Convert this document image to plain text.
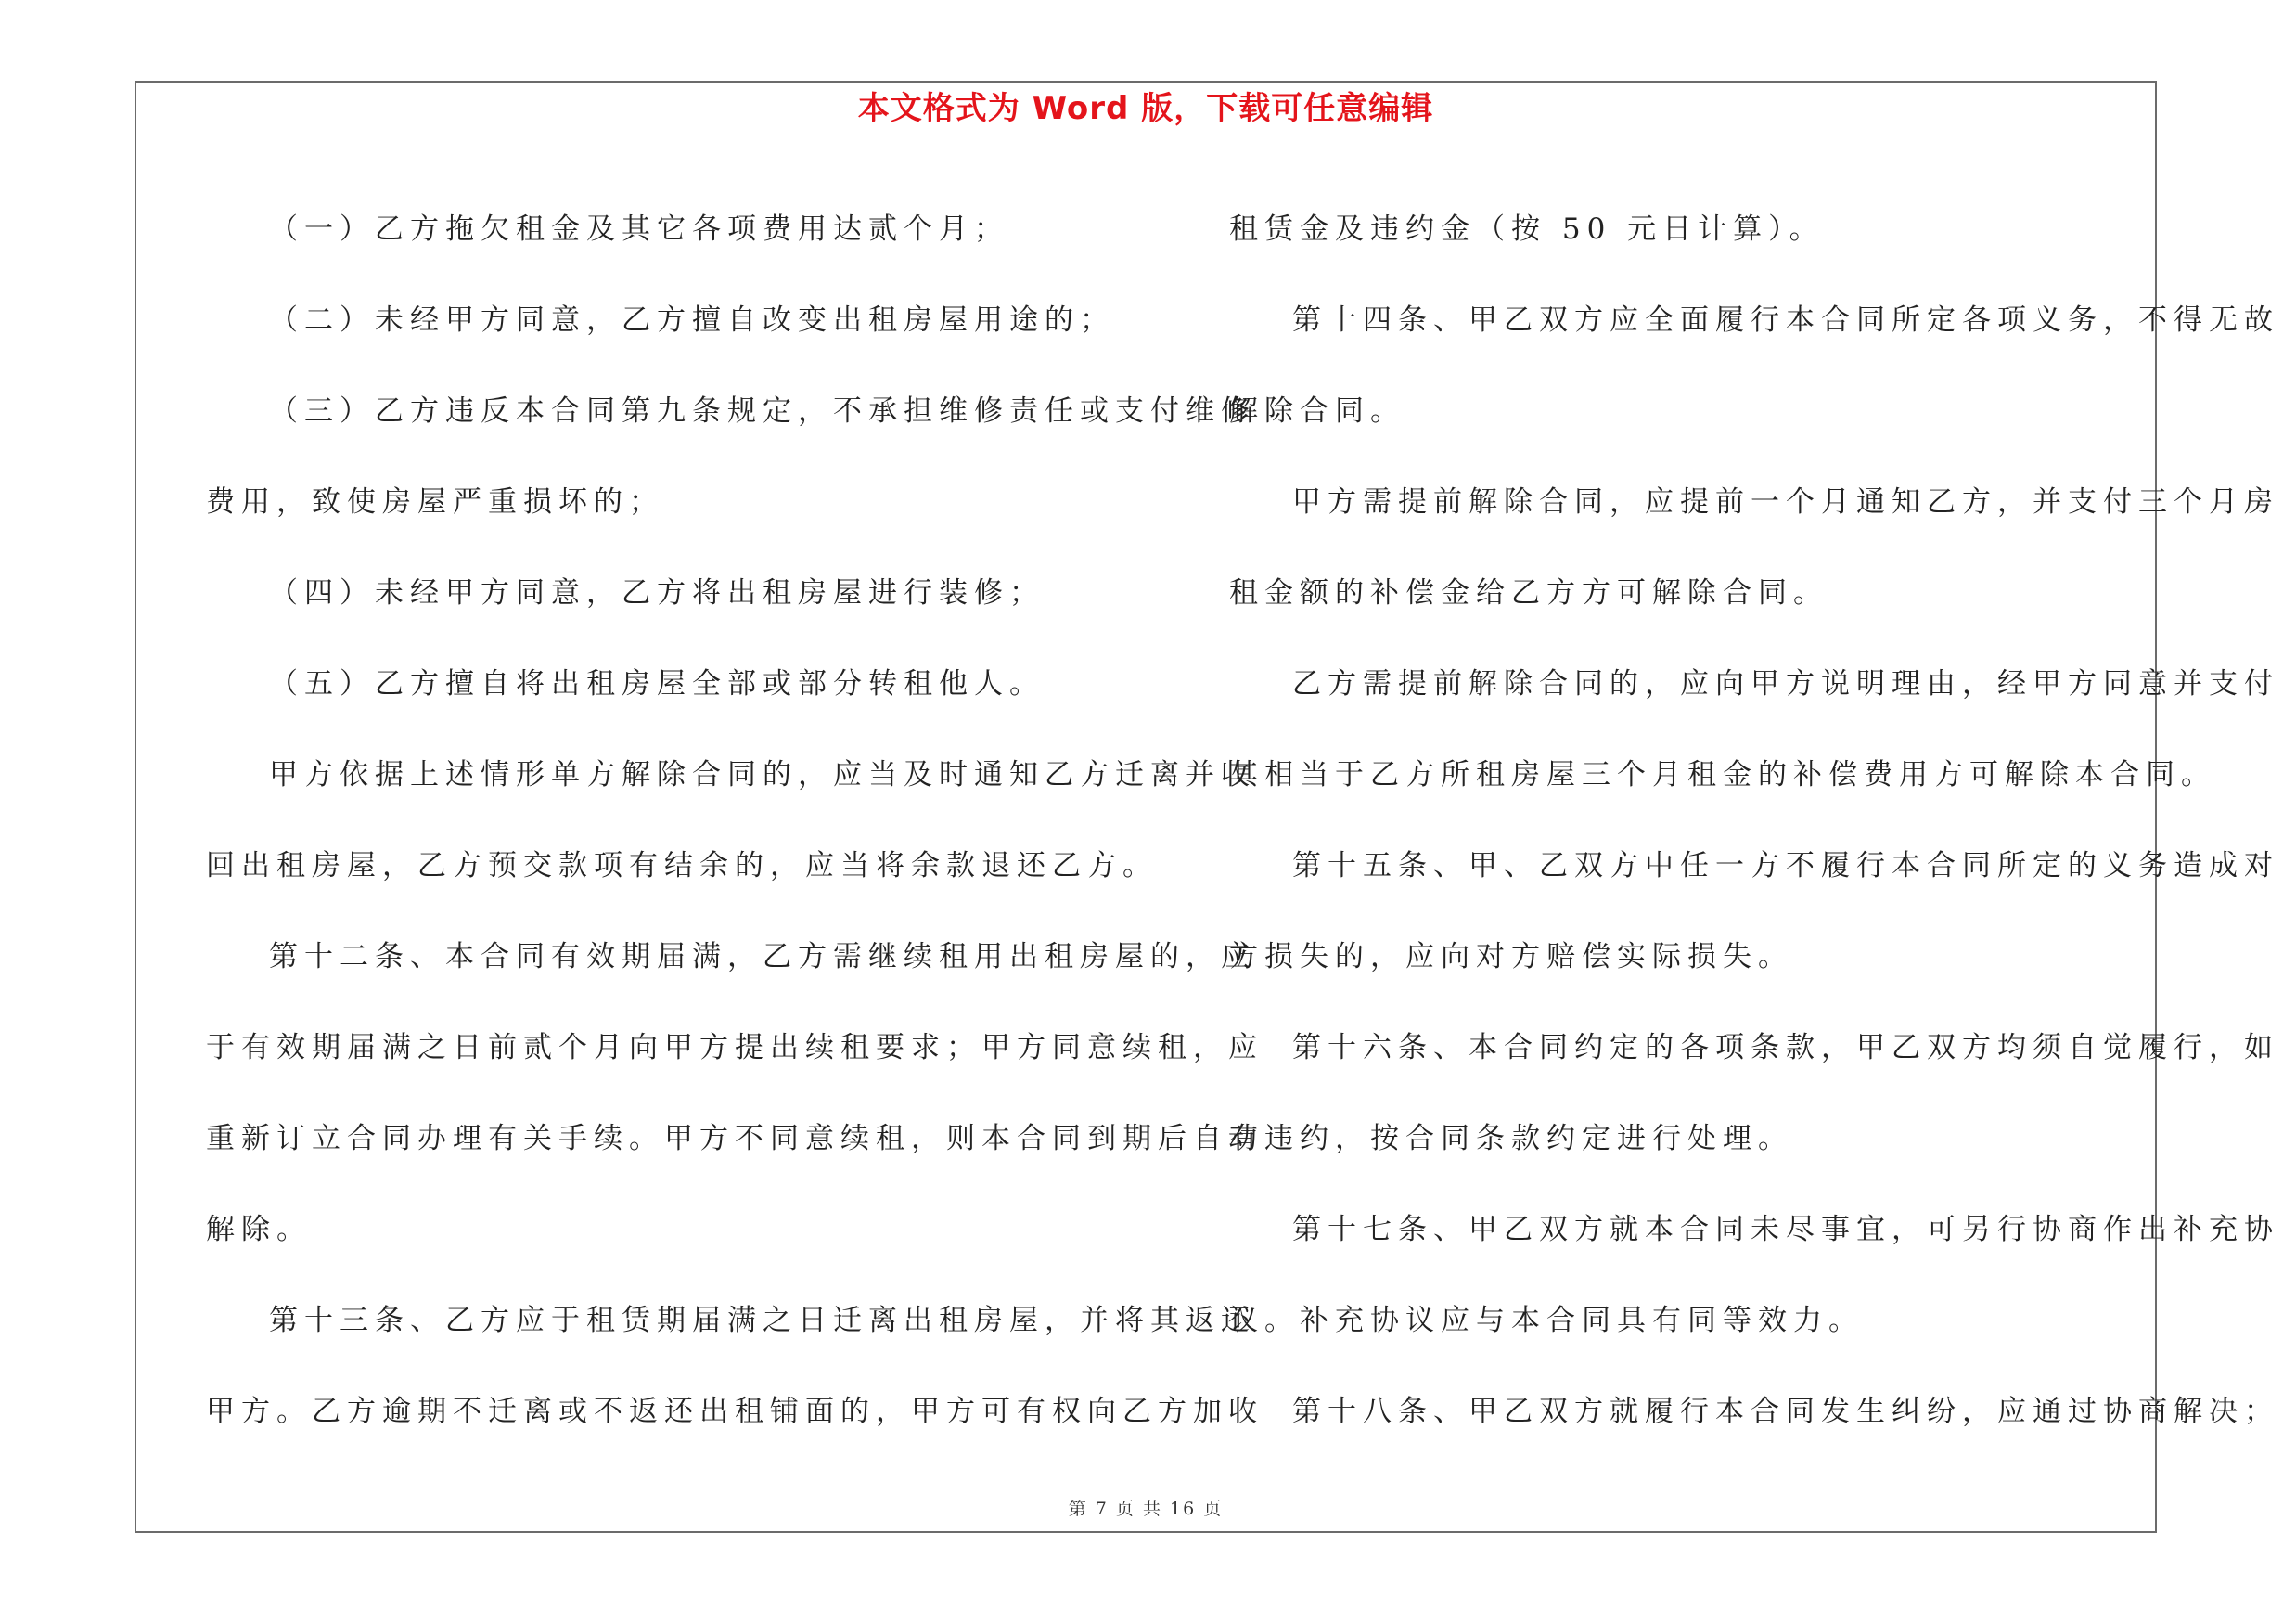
本文格式为 Word 版，下载可任意编辑
（一）乙方拖欠租金及其它各项费用达贰个月；
（二）未经甲方同意，乙方擅自改变出租房屋用途的；
（三）乙方违反本合同第九条规定，不承担维修责任或支付维修
费用，致使房屋严重损坏的；
（四）未经甲方同意，乙方将出租房屋进行装修；
（五）乙方擅自将出租房屋全部或部分转租他人。
甲方依据上述情形单方解除合同的，应当及时通知乙方迁离并收
回出租房屋，乙方预交款项有结余的，应当将余款退还乙方。
第十二条、本合同有效期届满，乙方需继续租用出租房屋的，应
于有效期届满之日前贰个月向甲方提出续租要求；甲方同意续租，应
重新订立合同办理有关手续。甲方不同意续租，则本合同到期后自动
解除。
第十三条、乙方应于租赁期届满之日迁离出租房屋，并将其返还
甲方。乙方逾期不迁离或不返还出租铺面的，甲方可有权向乙方加收
租赁金及违约金（按 50 元日计算）。
第十四条、甲乙双方应全面履行本合同所定各项义务，不得无故
解除合同。
甲方需提前解除合同，应提前一个月通知乙方，并支付三个月房
租金额的补偿金给乙方方可解除合同。
乙方需提前解除合同的，应向甲方说明理由，经甲方同意并支付
其相当于乙方所租房屋三个月租金的补偿费用方可解除本合同。
第十五条、甲、乙双方中任一方不履行本合同所定的义务造成对
方损失的，应向对方赔偿实际损失。
第十六条、本合同约定的各项条款，甲乙双方均须自觉履行，如
有违约，按合同条款约定进行处理。
第十七条、甲乙双方就本合同未尽事宜，可另行协商作出补充协
议。补充协议应与本合同具有同等效力。
第十八条、甲乙双方就履行本合同发生纠纷，应通过协商解决；
第 7 页 共 16 页
